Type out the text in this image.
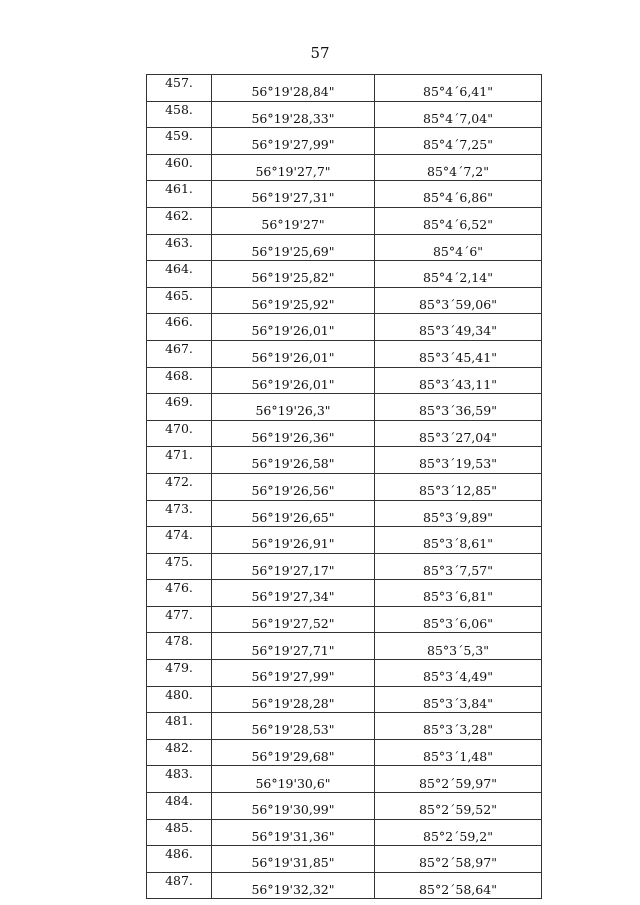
57
457.	56°19'28,84"	85°4´6,41"
458.	56°19'28,33"	85°4´7,04"
459.	56°19'27,99"	85°4´7,25"
460.	56°19'27,7"	85°4´7,2"
461.	56°19'27,31"	85°4´6,86"
462.	56°19'27"	85°4´6,52"
463.	56°19'25,69"	85°4´6"
464.	56°19'25,82"	85°4´2,14"
465.	56°19'25,92"	85°3´59,06"
466.	56°19'26,01"	85°3´49,34"
467.	56°19'26,01"	85°3´45,41"
468.	56°19'26,01"	85°3´43,11"
469.	56°19'26,3"	85°3´36,59"
470.	56°19'26,36"	85°3´27,04"
471.	56°19'26,58"	85°3´19,53"
472.	56°19'26,56"	85°3´12,85"
473.	56°19'26,65"	85°3´9,89"
474.	56°19'26,91"	85°3´8,61"
475.	56°19'27,17"	85°3´7,57"
476.	56°19'27,34"	85°3´6,81"
477.	56°19'27,52"	85°3´6,06"
478.	56°19'27,71"	85°3´5,3"
479.	56°19'27,99"	85°3´4,49"
480.	56°19'28,28"	85°3´3,84"
481.	56°19'28,53"	85°3´3,28"
482.	56°19'29,68"	85°3´1,48"
483.	56°19'30,6"	85°2´59,97"
484.	56°19'30,99"	85°2´59,52"
485.	56°19'31,36"	85°2´59,2"
486.	56°19'31,85"	85°2´58,97"
487.	56°19'32,32"	85°2´58,64"
